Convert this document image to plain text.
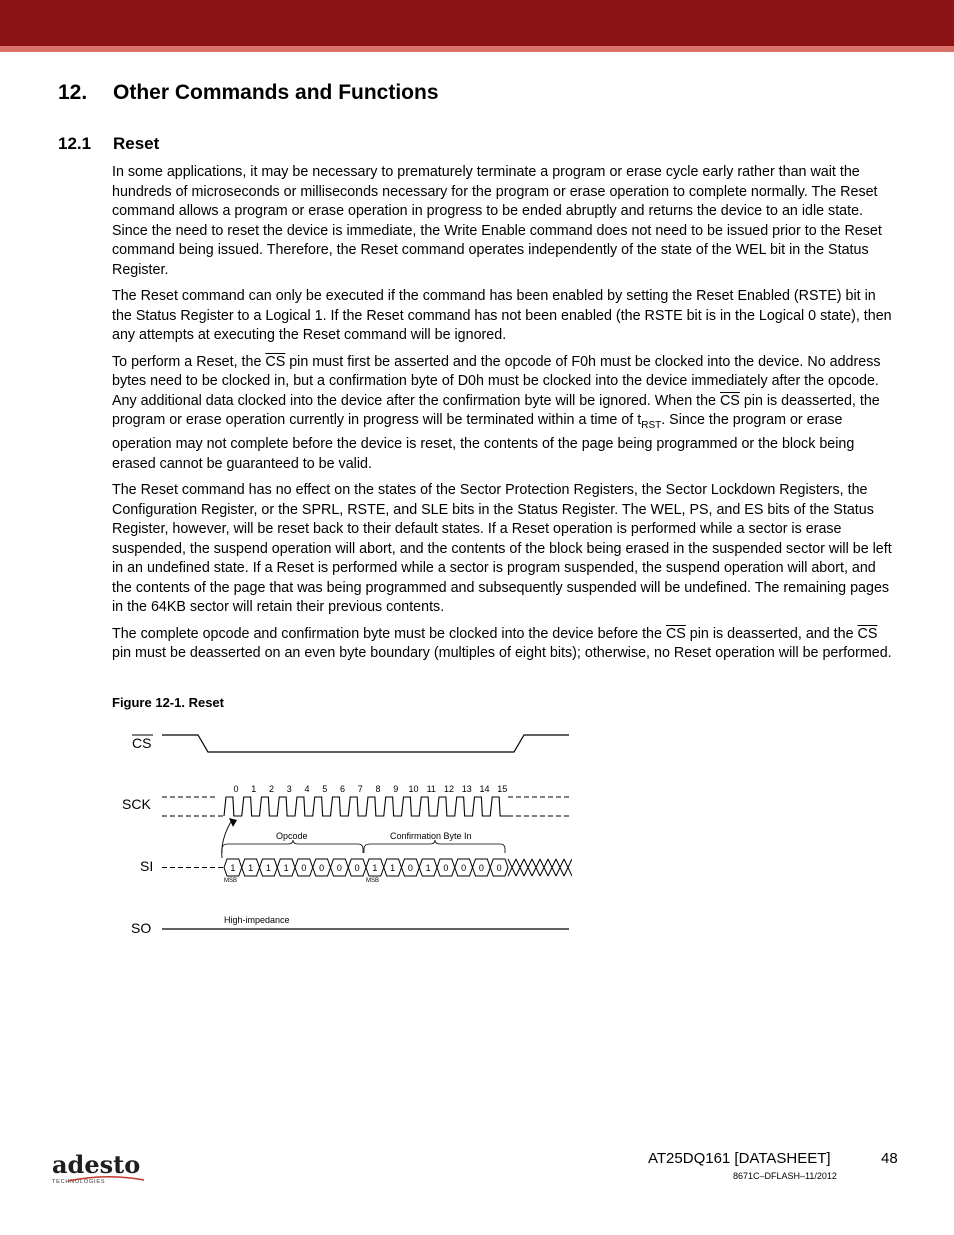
12. Other Commands and Functions
12.1 Reset

In some applications, it may be necessary to prematurely terminate a program or erase cycle early rather than wait the hundreds of microseconds or milliseconds necessary for the program or erase operation to complete normally. The Reset command allows a program or erase operation in progress to be ended abruptly and returns the device to an idle state. Since the need to reset the device is immediate, the Write Enable command does not need to be issued prior to the Reset command being issued. Therefore, the Reset command operates independently of the state of the WEL bit in the Status Register.

The Reset command can only be executed if the command has been enabled by setting the Reset Enabled (RSTE) bit in the Status Register to a Logical 1. If the Reset command has not been enabled (the RSTE bit is in the Logical 0 state), then any attempts at executing the Reset command will be ignored.

To perform a Reset, the $\overline{CS}$ pin must first be asserted and the opcode of F0h must be clocked into the device. No address bytes need to be clocked in, but a confirmation byte of D0h must be clocked into the device immediately after the opcode. Any additional data clocked into the device after the confirmation byte will be ignored. When the $\overline{CS}$ pin is deasserted, the program or erase operation currently in progress will be terminated within a time of $t_{RST}$. Since the program or erase operation may not complete before the device is reset, the contents of the page being programmed or the block being erased cannot be guaranteed to be valid.

The Reset command has no effect on the states of the Sector Protection Registers, the Sector Lockdown Registers, the Configuration Register, or the SPRL, RSTE, and SLE bits in the Status Register. The WEL, PS, and ES bits of the Status Register, however, will be reset back to their default states. If a Reset operation is performed while a sector is erase suspended, the suspend operation will abort, and the contents of the block being erased in the suspended sector will be left in an undefined state. If a Reset is performed while a sector is program suspended, the suspend operation will abort, and the contents of the page that was being programmed and subsequently suspended will be undefined. The remaining pages in the 64KB sector will retain their previous contents.

The complete opcode and confirmation byte must be clocked into the device before the $\overline{CS}$ pin is deasserted, and the $\overline{CS}$ pin must be deasserted on an even byte boundary (multiples of eight bits); otherwise, no Reset operation will be performed.

Figure 12-1. Reset
CS
SCK
SI
SO
0 1 2 3 4 5 6 7 8 9 10 11 12 13 14 15
1 1 1 1 0 0 0 0 1 1 0 1 0 0 0 0
Opcode	Confirmation Byte In
MSB	MSB
High-impedance
adesto
TECHNOLOGIES
AT25DQ161 [DATASHEET]	48
8671C–DFLASH–11/2012
